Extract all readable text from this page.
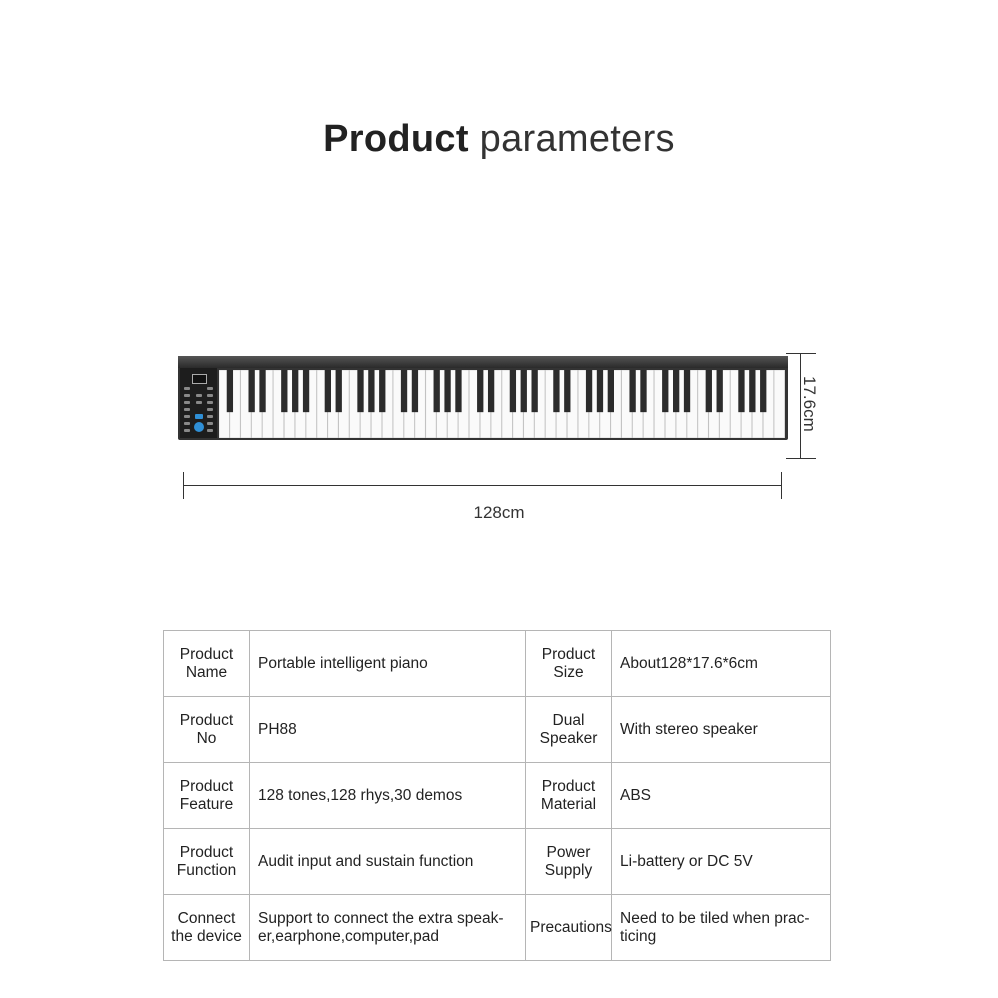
Product parameters
128cm
17.6cm
Product Name	Portable intelligent piano	Product Size	About128*17.6*6cm
Product No	PH88	Dual Speaker	With stereo speaker
Product Feature	128 tones,128 rhys,30 demos	Product Material	ABS
Product Function	Audit input and sustain function	Power Supply	Li-battery or DC 5V
Connect the device	Support to connect the extra speak-er,earphone,computer,pad	Precautions	Need to be tiled when prac-ticing
